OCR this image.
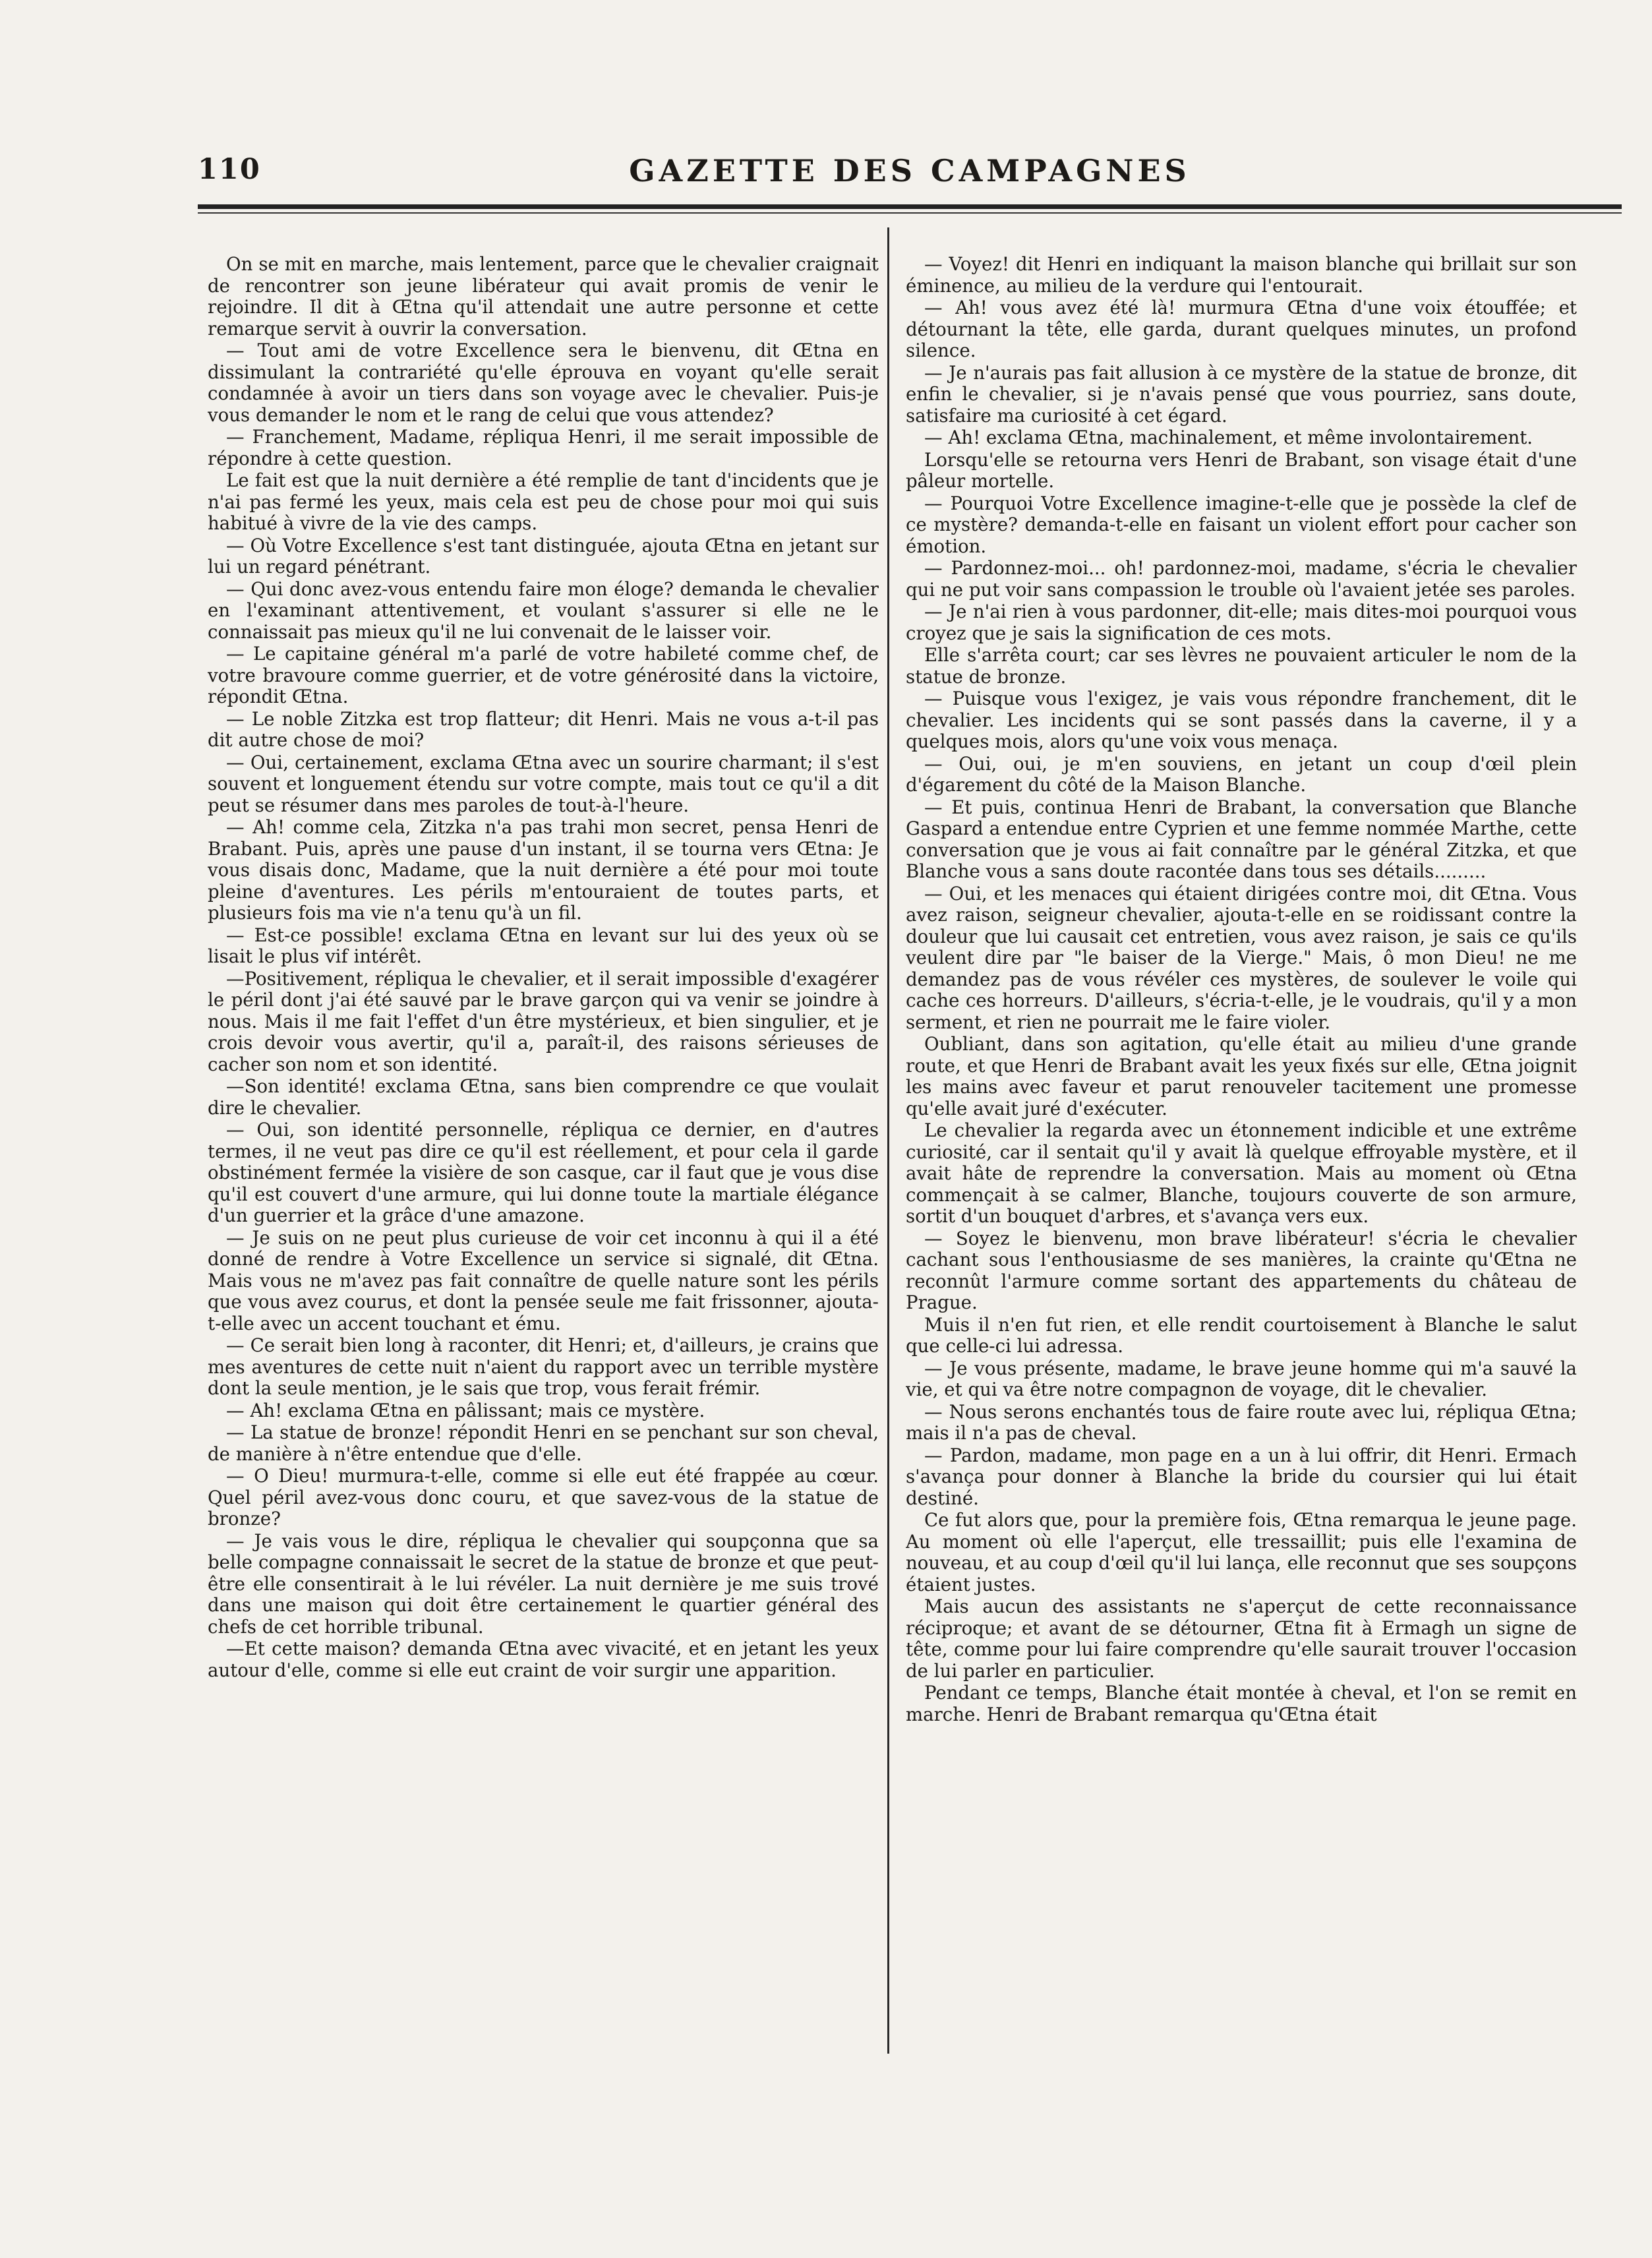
110	GAZETTE DES CAMPAGNES

On se mit en marche, mais lentement, parce que le chevalier craignait de rencontrer son jeune libérateur qui avait promis de venir le rejoindre. Il dit à Œtna qu'il attendait une autre personne et cette remarque servit à ouvrir la conversation.

— Tout ami de votre Excellence sera le bienvenu, dit Œtna en dissimulant la contrariété qu'elle éprouva en voyant qu'elle serait condamnée à avoir un tiers dans son voyage avec le chevalier. Puis-je vous demander le nom et le rang de celui que vous attendez?

— Franchement, Madame, répliqua Henri, il me serait impossible de répondre à cette question.

Le fait est que la nuit dernière a été remplie de tant d'incidents que je n'ai pas fermé les yeux, mais cela est peu de chose pour moi qui suis habitué à vivre de la vie des camps.

— Où Votre Excellence s'est tant distinguée, ajouta Œtna en jetant sur lui un regard pénétrant.

— Qui donc avez-vous entendu faire mon éloge? demanda le chevalier en l'examinant attentivement, et voulant s'assurer si elle ne le connaissait pas mieux qu'il ne lui convenait de le laisser voir.

— Le capitaine général m'a parlé de votre habileté comme chef, de votre bravoure comme guerrier, et de votre générosité dans la victoire, répondit Œtna.

— Le noble Zitzka est trop flatteur; dit Henri. Mais ne vous a-t-il pas dit autre chose de moi?

— Oui, certainement, exclama Œtna avec un sourire charmant; il s'est souvent et longuement étendu sur votre compte, mais tout ce qu'il a dit peut se résumer dans mes paroles de tout-à-l'heure.

— Ah! comme cela, Zitzka n'a pas trahi mon secret, pensa Henri de Brabant. Puis, après une pause d'un instant, il se tourna vers Œtna: Je vous disais donc, Madame, que la nuit dernière a été pour moi toute pleine d'aventures. Les périls m'entouraient de toutes parts, et plusieurs fois ma vie n'a tenu qu'à un fil.

— Est-ce possible! exclama Œtna en levant sur lui des yeux où se lisait le plus vif intérêt.

—Positivement, répliqua le chevalier, et il serait impossible d'exagérer le péril dont j'ai été sauvé par le brave garçon qui va venir se joindre à nous. Mais il me fait l'effet d'un être mystérieux, et bien singulier, et je crois devoir vous avertir, qu'il a, paraît-il, des raisons sérieuses de cacher son nom et son identité.

—Son identité! exclama Œtna, sans bien comprendre ce que voulait dire le chevalier.

— Oui, son identité personnelle, répliqua ce dernier, en d'autres termes, il ne veut pas dire ce qu'il est réellement, et pour cela il garde obstinément fermée la visière de son casque, car il faut que je vous dise qu'il est couvert d'une armure, qui lui donne toute la martiale élégance d'un guerrier et la grâce d'une amazone.

— Je suis on ne peut plus curieuse de voir cet inconnu à qui il a été donné de rendre à Votre Excellence un service si signalé, dit Œtna. Mais vous ne m'avez pas fait connaître de quelle nature sont les périls que vous avez courus, et dont la pensée seule me fait frissonner, ajouta-t-elle avec un accent touchant et ému.

— Ce serait bien long à raconter, dit Henri; et, d'ailleurs, je crains que mes aventures de cette nuit n'aient du rapport avec un terrible mystère dont la seule mention, je le sais que trop, vous ferait frémir.

— Ah! exclama Œtna en pâlissant; mais ce mystère.

— La statue de bronze! répondit Henri en se penchant sur son cheval, de manière à n'être entendue que d'elle.

— O Dieu! murmura-t-elle, comme si elle eut été frappée au cœur. Quel péril avez-vous donc couru, et que savez-vous de la statue de bronze?

— Je vais vous le dire, répliqua le chevalier qui soupçonna que sa belle compagne connaissait le secret de la statue de bronze et que peut-être elle consentirait à le lui révéler. La nuit dernière je me suis trové dans une maison qui doit être certainement le quartier général des chefs de cet horrible tribunal.

—Et cette maison? demanda Œtna avec vivacité, et en jetant les yeux autour d'elle, comme si elle eut craint de voir surgir une apparition.

— Voyez! dit Henri en indiquant la maison blanche qui brillait sur son éminence, au milieu de la verdure qui l'entourait.

— Ah! vous avez été là! murmura Œtna d'une voix étouffée; et détournant la tête, elle garda, durant quelques minutes, un profond silence.

— Je n'aurais pas fait allusion à ce mystère de la statue de bronze, dit enfin le chevalier, si je n'avais pensé que vous pourriez, sans doute, satisfaire ma curiosité à cet égard.

— Ah! exclama Œtna, machinalement, et même involontairement.

Lorsqu'elle se retourna vers Henri de Brabant, son visage était d'une pâleur mortelle.

— Pourquoi Votre Excellence imagine-t-elle que je possède la clef de ce mystère? demanda-t-elle en faisant un violent effort pour cacher son émotion.

— Pardonnez-moi... oh! pardonnez-moi, madame, s'écria le chevalier qui ne put voir sans compassion le trouble où l'avaient jetée ses paroles.

— Je n'ai rien à vous pardonner, dit-elle; mais dites-moi pourquoi vous croyez que je sais la signification de ces mots.

Elle s'arrêta court; car ses lèvres ne pouvaient articuler le nom de la statue de bronze.

— Puisque vous l'exigez, je vais vous répondre franchement, dit le chevalier. Les incidents qui se sont passés dans la caverne, il y a quelques mois, alors qu'une voix vous menaça.

— Oui, oui, je m'en souviens, en jetant un coup d'œil plein d'égarement du côté de la Maison Blanche.

— Et puis, continua Henri de Brabant, la conversation que Blanche Gaspard a entendue entre Cyprien et une femme nommée Marthe, cette conversation que je vous ai fait connaître par le général Zitzka, et que Blanche vous a sans doute racontée dans tous ses détails.........

— Oui, et les menaces qui étaient dirigées contre moi, dit Œtna. Vous avez raison, seigneur chevalier, ajouta-t-elle en se roidissant contre la douleur que lui causait cet entretien, vous avez raison, je sais ce qu'ils veulent dire par "le baiser de la Vierge." Mais, ô mon Dieu! ne me demandez pas de vous révéler ces mystères, de soulever le voile qui cache ces horreurs. D'ailleurs, s'écria-t-elle, je le voudrais, qu'il y a mon serment, et rien ne pourrait me le faire violer.

Oubliant, dans son agitation, qu'elle était au milieu d'une grande route, et que Henri de Brabant avait les yeux fixés sur elle, Œtna joignit les mains avec faveur et parut renouveler tacitement une promesse qu'elle avait juré d'exécuter.

Le chevalier la regarda avec un étonnement indicible et une extrême curiosité, car il sentait qu'il y avait là quelque effroyable mystère, et il avait hâte de reprendre la conversation. Mais au moment où Œtna commençait à se calmer, Blanche, toujours couverte de son armure, sortit d'un bouquet d'arbres, et s'avança vers eux.

— Soyez le bienvenu, mon brave libérateur! s'écria le chevalier cachant sous l'enthousiasme de ses manières, la crainte qu'Œtna ne reconnût l'armure comme sortant des appartements du château de Prague.

Muis il n'en fut rien, et elle rendit courtoisement à Blanche le salut que celle-ci lui adressa.

— Je vous présente, madame, le brave jeune homme qui m'a sauvé la vie, et qui va être notre compagnon de voyage, dit le chevalier.

— Nous serons enchantés tous de faire route avec lui, répliqua Œtna; mais il n'a pas de cheval.

— Pardon, madame, mon page en a un à lui offrir, dit Henri. Ermach s'avança pour donner à Blanche la bride du coursier qui lui était destiné.

Ce fut alors que, pour la première fois, Œtna remarqua le jeune page. Au moment où elle l'aperçut, elle tressaillit; puis elle l'examina de nouveau, et au coup d'œil qu'il lui lança, elle reconnut que ses soupçons étaient justes.

Mais aucun des assistants ne s'aperçut de cette reconnaissance réciproque; et avant de se détourner, Œtna fit à Ermagh un signe de tête, comme pour lui faire comprendre qu'elle saurait trouver l'occasion de lui parler en particulier.

Pendant ce temps, Blanche était montée à cheval, et l'on se remit en marche. Henri de Brabant remarqua qu'Œtna était
